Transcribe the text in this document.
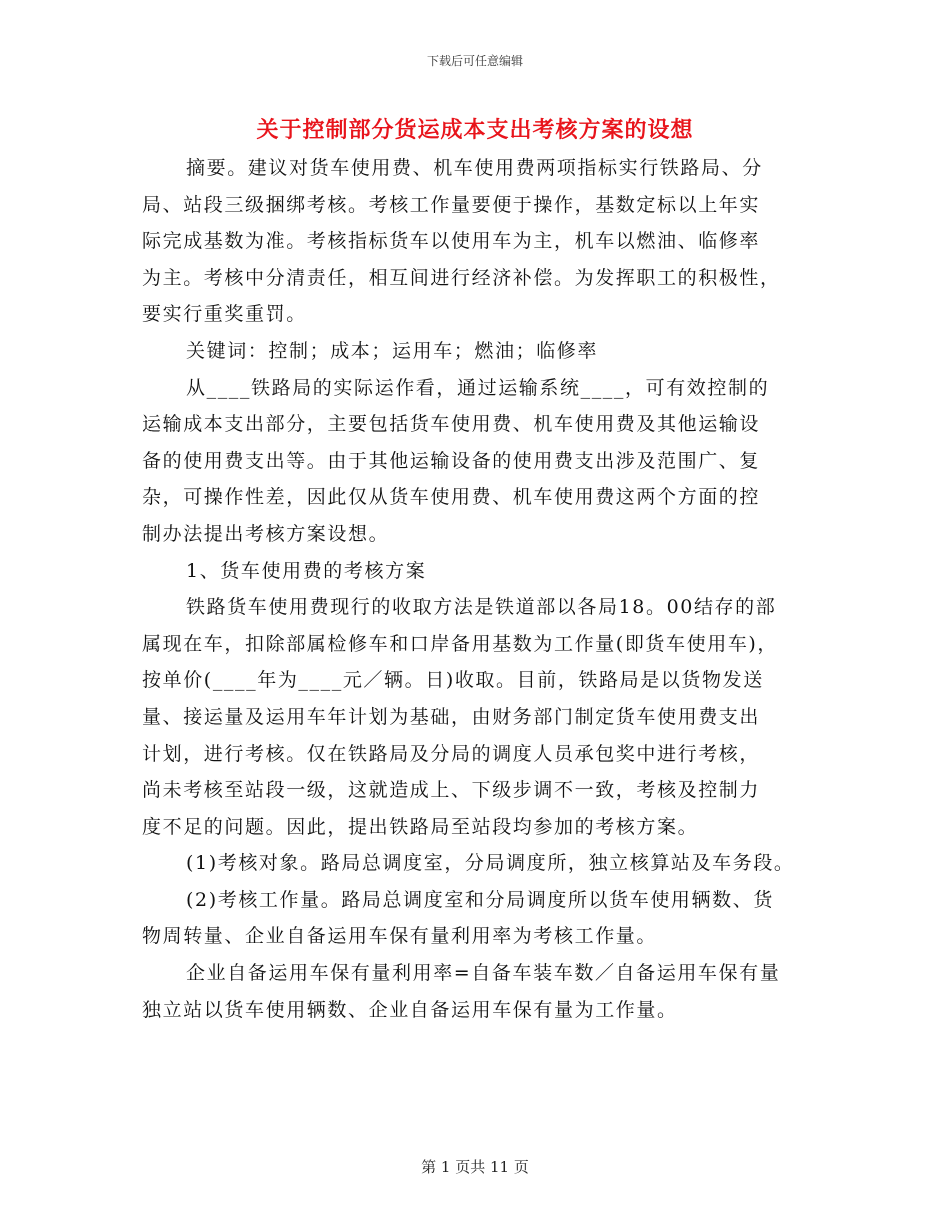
下载后可任意编辑
关于控制部分货运成本支出考核方案的设想
摘要。建议对货车使用费、机车使用费两项指标实行铁路局、分
局、站段三级捆绑考核。考核工作量要便于操作，基数定标以上年实
际完成基数为准。考核指标货车以使用车为主，机车以燃油、临修率
为主。考核中分清责任，相互间进行经济补偿。为发挥职工的积极性，
要实行重奖重罚。
关键词：控制；成本；运用车；燃油；临修率
从____铁路局的实际运作看，通过运输系统____，可有效控制的
运输成本支出部分，主要包括货车使用费、机车使用费及其他运输设
备的使用费支出等。由于其他运输设备的使用费支出涉及范围广、复
杂，可操作性差，因此仅从货车使用费、机车使用费这两个方面的控
制办法提出考核方案设想。
1、货车使用费的考核方案
铁路货车使用费现行的收取方法是铁道部以各局18。00结存的部
属现在车，扣除部属检修车和口岸备用基数为工作量(即货车使用车)，
按单价(____年为____元／辆。日)收取。目前，铁路局是以货物发送
量、接运量及运用车年计划为基础，由财务部门制定货车使用费支出
计划，进行考核。仅在铁路局及分局的调度人员承包奖中进行考核，
尚未考核至站段一级，这就造成上、下级步调不一致，考核及控制力
度不足的问题。因此，提出铁路局至站段均参加的考核方案。
(1)考核对象。路局总调度室，分局调度所，独立核算站及车务段。
(2)考核工作量。路局总调度室和分局调度所以货车使用辆数、货
物周转量、企业自备运用车保有量利用率为考核工作量。
企业自备运用车保有量利用率=自备车装车数／自备运用车保有量
独立站以货车使用辆数、企业自备运用车保有量为工作量。
第 1 页共 11 页
